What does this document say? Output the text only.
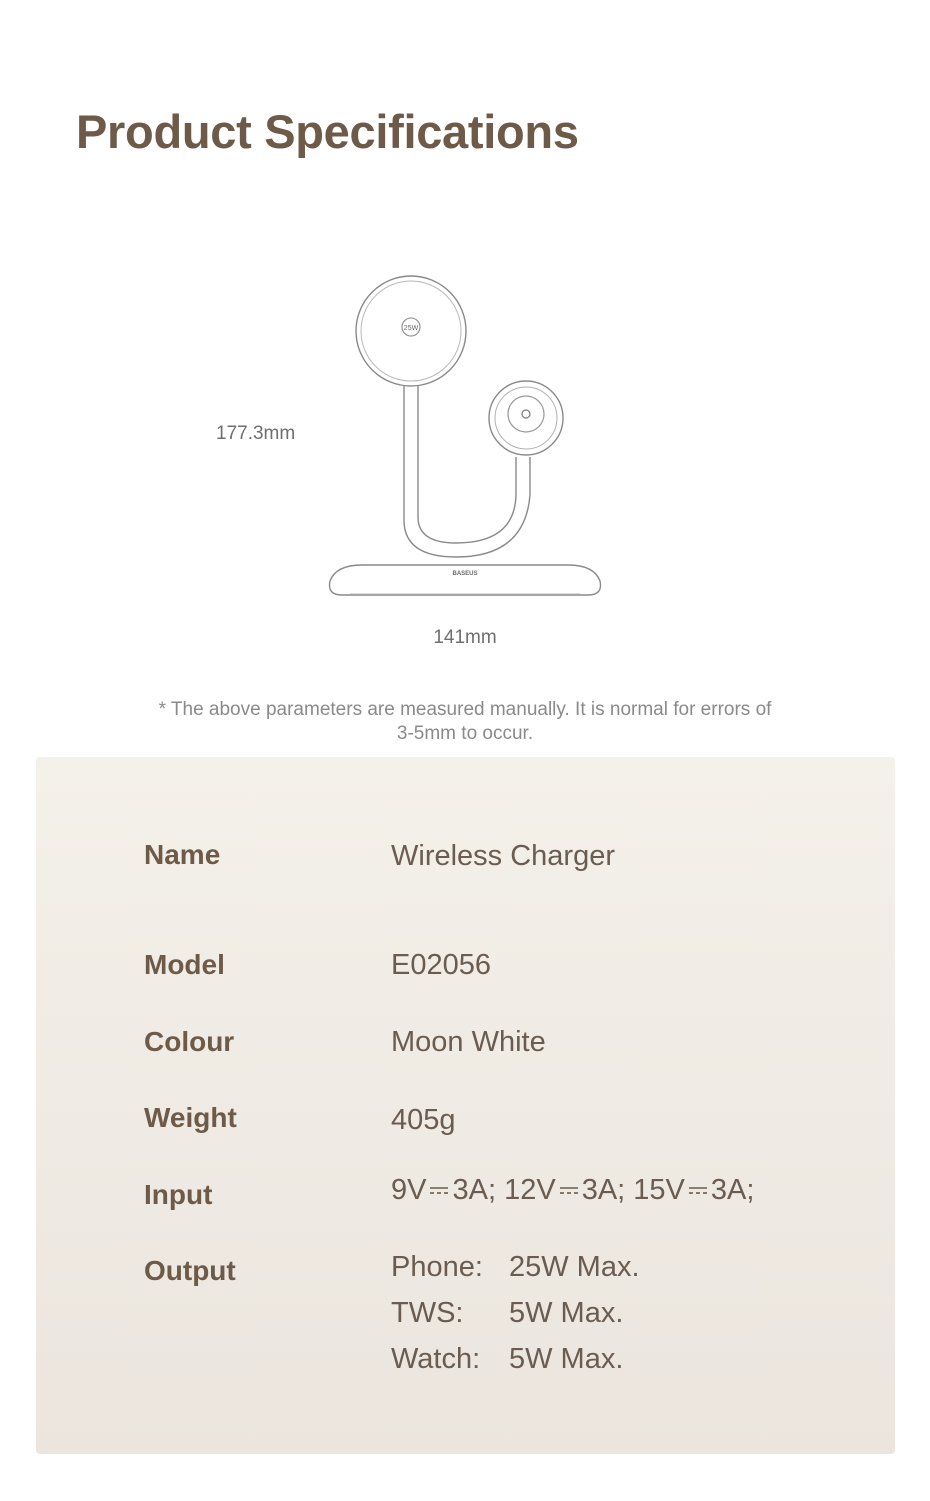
Product Specifications
25W
BASEUS
177.3mm
141mm
* The above parameters are measured manually. It is normal for errors of 3-5mm to occur.
Name	Wireless Charger
Model	E02056
Colour	Moon White
Weight	405g
Input	9V 3A; 12V 3A; 15V 3A;
Output	Phone: 25W Max.
TWS: 5W Max.
Watch: 5W Max.
